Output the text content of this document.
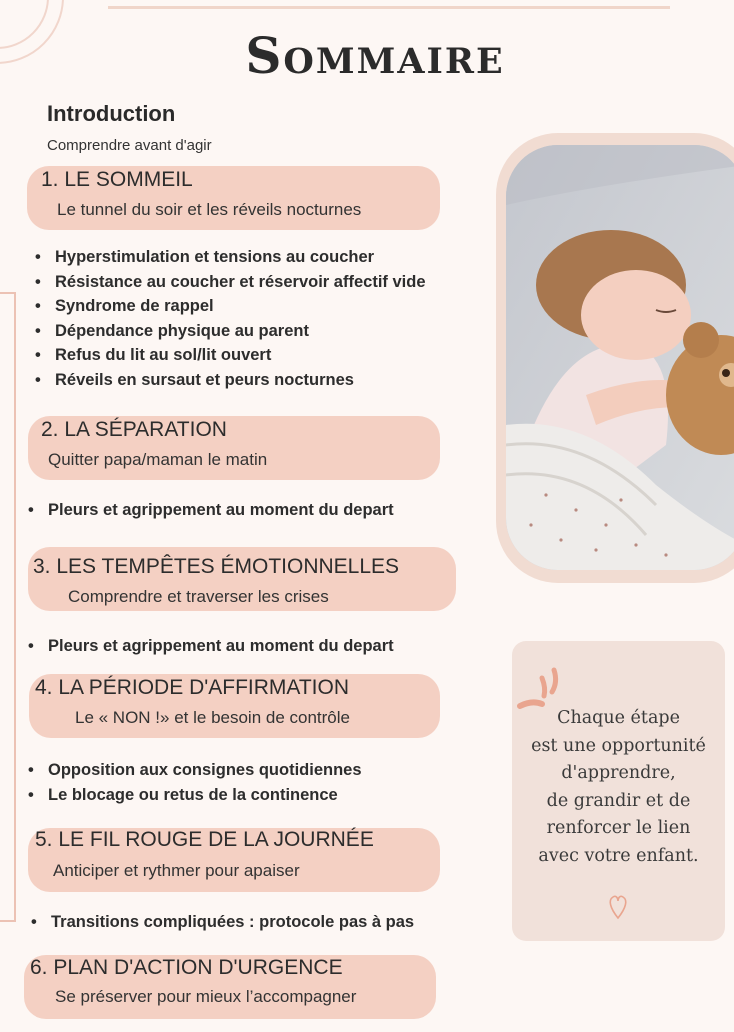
Sommaire
Introduction
Comprendre avant d'agir
1. LE SOMMEIL
Le tunnel du soir et les réveils nocturnes
• Hyperstimulation et tensions au coucher
• Résistance au coucher et réservoir affectif vide
• Syndrome de rappel
• Dépendance physique au parent
• Refus du lit au sol/lit ouvert
• Réveils en sursaut et peurs nocturnes
2. LA SÉPARATION
Quitter papa/maman le matin
• Pleurs et agrippement au moment du depart
3. LES TEMPÊTES ÉMOTIONNELLES
Comprendre et traverser les crises
• Pleurs et agrippement au moment du depart
4. LA PÉRIODE D'AFFIRMATION
Le « NON !» et le besoin de contrôle
• Opposition aux consignes quotidiennes
• Le blocage ou retus de la continence
5. LE FIL ROUGE DE LA JOURNÉE
Anticiper et rythmer pour apaiser
• Transitions compliquées : protocole pas à pas
6. PLAN D'ACTION D'URGENCE
Se préserver pour mieux l’accompagner
Chaque étape
est une opportunité
d'apprendre,
de grandir et de
renforcer le lien
avec votre enfant.
